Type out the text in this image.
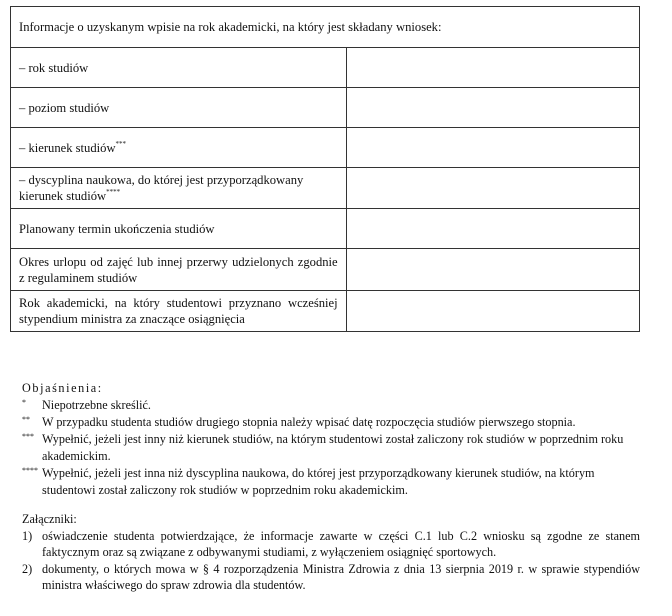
Informacje o uzyskanym wpisie na rok akademicki, na który jest składany wniosek:	
– rok studiów	
– poziom studiów	
– kierunek studiów***	
– dyscyplina naukowa, do której jest przyporządkowany kierunek studiów****	
Planowany termin ukończenia studiów	
Okres urlopu od zajęć lub innej przerwy udzielonych zgodnie z regulaminem studiów	
Rok akademicki, na który studentowi przyznano wcześniej stypendium ministra za znaczące osiągnięcia	
Objaśnienia:
* Niepotrzebne skreślić.
** W przypadku studenta studiów drugiego stopnia należy wpisać datę rozpoczęcia studiów pierwszego stopnia.
*** Wypełnić, jeżeli jest inny niż kierunek studiów, na którym studentowi został zaliczony rok studiów w poprzednim roku akademickim.
**** Wypełnić, jeżeli jest inna niż dyscyplina naukowa, do której jest przyporządkowany kierunek studiów, na którym studentowi został zaliczony rok studiów w poprzednim roku akademickim.
Załączniki:
1) oświadczenie studenta potwierdzające, że informacje zawarte w części C.1 lub C.2 wniosku są zgodne ze stanem faktycznym oraz są związane z odbywanymi studiami, z wyłączeniem osiągnięć sportowych.
2) dokumenty, o których mowa w § 4 rozporządzenia Ministra Zdrowia z dnia 13 sierpnia 2019 r. w sprawie stypendiów ministra właściwego do spraw zdrowia dla studentów.
